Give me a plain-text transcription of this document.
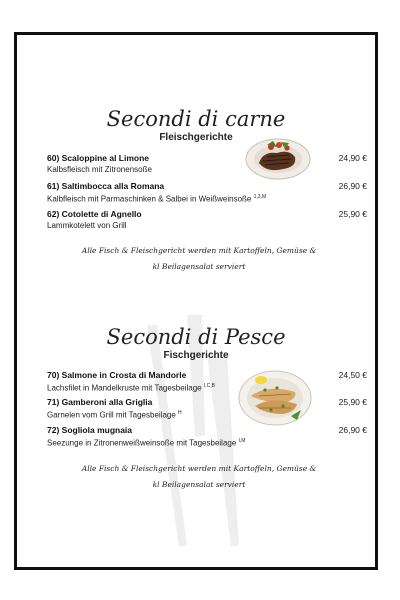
Secondi di carne
Fleischgerichte
60) Scaloppine al Limone
Kalbsfleisch mit Zitronensoße
24,90 €
61) Saltimbocca alla Romana
Kalbfleisch mit Parmaschinken & Salbei in Weißweinsoße $^{1,3,M}$
26,90 €
62) Cotolette di Agnello
Lammkotelett von Grill
25,90 €
Alle Fisch & Fleischgericht werden mit Kartoffeln, Gemüse &
kl Beilagensalat serviert
Secondi di Pesce
Fischgerichte
70) Salmone in Crosta di Mandorle
Lachsfilet in Mandelkruste mit Tagesbeilage $^{I,C,B}$
24,50 €
71) Gamberoni alla Griglia
Garnelen vom Grill mit Tagesbeilage $^H$
25,90 €
72) Sogliola mugnaia
Seezunge in Zitronenweißweinsoße mit Tagesbeilage $^{I,M}$
26,90 €
Alle Fisch & Fleischgericht werden mit Kartoffeln, Gemüse &
kl Beilagensalat serviert
